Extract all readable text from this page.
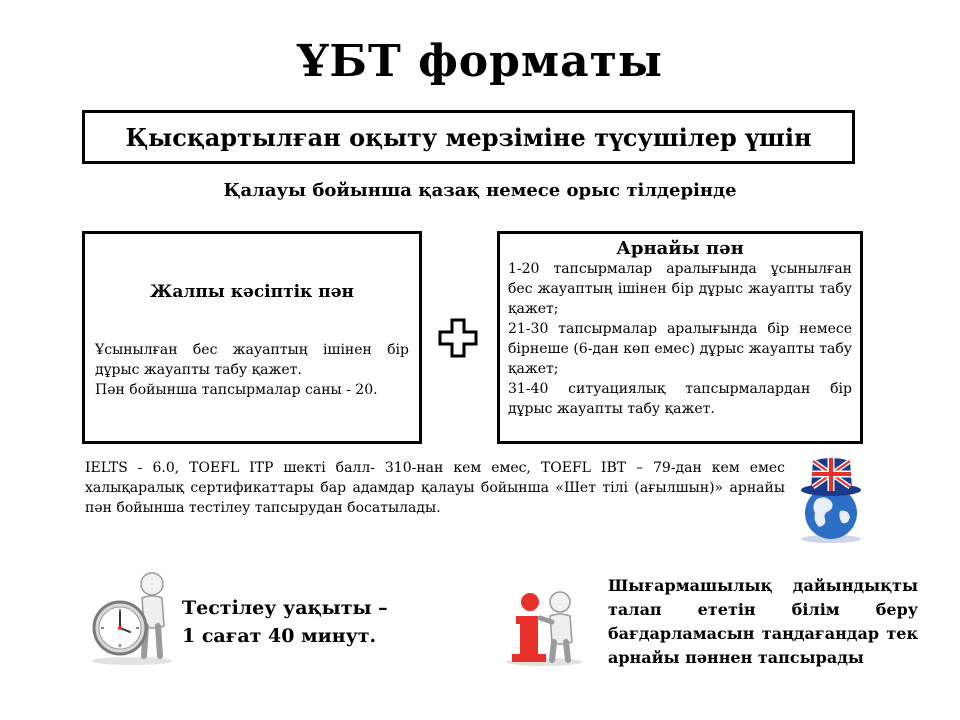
ҰБТ форматы
Қысқартылған оқыту мерзіміне түсушілер үшін
Қалауы бойынша қазақ немесе орыс тілдерінде
Жалпы кәсіптік пән
Ұсынылған бес жауаптың ішінен бір дұрыс жауапты табу қажет.
Пән бойынша тапсырмалар саны - 20.
Арнайы пән

1-20 тапсырмалар аралығында ұсынылған бес жауаптың ішінен бір дұрыс жауапты табу қажет;

21-30 тапсырмалар аралығында бір немесе бірнеше (6-дан көп емес) дұрыс жауапты табу қажет;

31-40 ситуациялық тапсырмалардан бір дұрыс жауапты табу қажет.

IELTS - 6.0, TOEFL ITP шекті балл- 310-нан кем емес, TOEFL IBT – 79-дан кем емес халықаралық сертификаттары бар адамдар қалауы бойынша «Шет тілі (ағылшын)» арнайы пән бойынша тестілеу тапсырудан босатылады.
Тестілеу уақыты –
1 сағат 40 минут.
Шығармашылық дайындықты талап ететін білім беру бағдарламасын таңдағандар тек арнайы пәннен тапсырады
